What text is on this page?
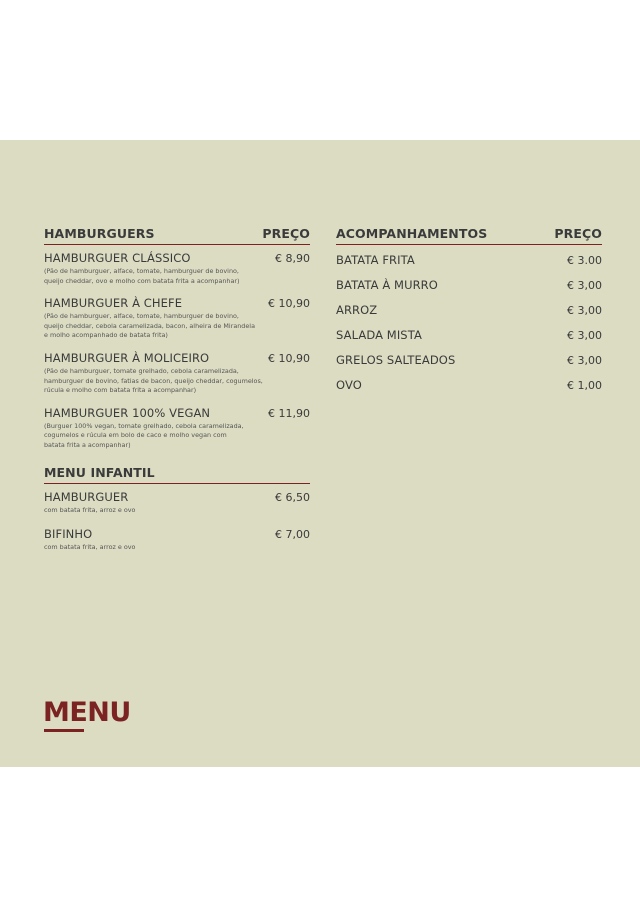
HAMBURGUERS	PREÇO
HAMBURGUER CLÁSSICO	€ 8,90
(Pão de hamburguer, alface, tomate, hamburguer de bovino,
queijo cheddar, ovo e molho com batata frita a acompanhar)
HAMBURGUER À CHEFE	€ 10,90
(Pão de hamburguer, alface, tomate, hamburguer de bovino,
queijo cheddar, cebola caramelizada, bacon, alheira de Mirandela
e molho acompanhado de batata frita)
HAMBURGUER À MOLICEIRO	€ 10,90
(Pão de hamburguer, tomate grelhado, cebola caramelizada,
hamburguer de bovino, fatias de bacon, queijo cheddar, cogumelos,
rúcula e molho com batata frita a acompanhar)
HAMBURGUER 100% VEGAN	€ 11,90
(Burguer 100% vegan, tomate grelhado, cebola caramelizada,
cogumelos e rúcula em bolo de caco e molho vegan com
batata frita a acompanhar)
MENU INFANTIL
HAMBURGUER	€ 6,50
com batata frita, arroz e ovo
BIFINHO	€ 7,00
com batata frita, arroz e ovo
ACOMPANHAMENTOS	PREÇO
BATATA FRITA	€ 3.00
BATATA À MURRO	€ 3,00
ARROZ	€ 3,00
SALADA MISTA	€ 3,00
GRELOS SALTEADOS	€ 3,00
OVO	€ 1,00
MENU
